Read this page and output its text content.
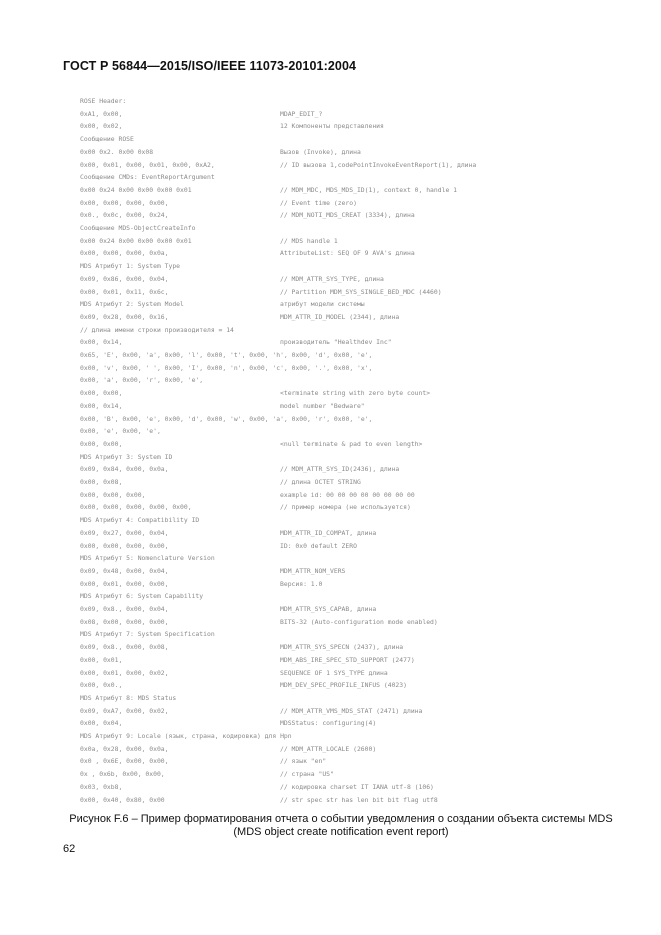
ГОСТ Р 56844—2015/ISO/IEEE 11073-20101:2004
ROSE Header:
0xA1, 0x00,	MDAP_EDIT_?
0x00, 0x02,	12 Компоненты представления
Сообщение ROSE
0x00 0x2. 0x00 0x08	Вызов (Invoke), длина
0x00, 0x01, 0x00, 0x01, 0x00, 0xA2,	// ID вызова 1,codePointInvokeEventReport(1), длина
Сообщение CMDs: EventReportArgument
0x00 0x24 0x00 0x00 0x00 0x01	// MDM_MDC, MDS_MDS_ID(1), context 0, handle 1
0x00, 0x00, 0x00, 0x00,	// Event time (zero)
0x0., 0x0c, 0x00, 0x24,	// MDM_NOTI_MDS_CREAT (3334), длина
Сообщение MDS-ObjectCreateInfo
0x00 0x24 0x00 0x00 0x00 0x01	// MDS handle 1
0x00, 0x00, 0x00, 0x0a,	AttributeList: SEQ OF 9 AVA's длина
MDS Атрибут 1: System Type
0x09, 0x86, 0x00, 0x04,	// MDM_ATTR_SYS_TYPE, длина
0x00, 0x01, 0x11, 0x6c,	// Partition MDM_SYS_SINGLE_BED_MDC (4460)
MDS Атрибут 2: System Model	атрибут модели системы
0x09, 0x28, 0x00, 0x16,	MDM_ATTR_ID_MODEL (2344), длина
// длина имени строки производителя = 14
0x00, 0x14,	производитель "Healthdev Inc"
0x65, 'E', 0x00, 'a', 0x00, 'l', 0x00, 't', 0x00, 'h', 0x00, 'd', 0x00, 'e',
0x00, 'v', 0x00, ' ', 0x00, 'I', 0x00, 'n', 0x00, 'c', 0x00, '.', 0x00, 'x',
0x00, 'a', 0x00, 'r', 0x00, 'e',
0x00, 0x00,	<terminate string with zero byte count>
0x00, 0x14,	model number "Bedware"
0x00, 'B', 0x00, 'e', 0x00, 'd', 0x00, 'w', 0x00, 'a', 0x00, 'r', 0x00, 'e',
0x00, 'e', 0x00, 'e',
0x00, 0x00,	<null terminate & pad to even length>
MDS Атрибут 3: System ID
0x09, 0x84, 0x00, 0x0a,	// MDM_ATTR_SYS_ID(2436), длина
0x00, 0x08,	// длина OCTET STRING
0x00, 0x00, 0x00,	example id: 00 00 00 00 00 00 00 00
0x00, 0x00, 0x00, 0x00, 0x00,	// пример номера (не используется)
MDS Атрибут 4: Compatibility ID
0x09, 0x27, 0x00, 0x04,	MDM_ATTR_ID_COMPAT, длина
0x00, 0x00, 0x00, 0x00,	ID: 0x0 default ZERO
MDS Атрибут 5: Nomenclature Version
0x09, 0x48, 0x00, 0x04,	MDM_ATTR_NOM_VERS
0x00, 0x01, 0x00, 0x00,	Версия: 1.0
MDS Атрибут 6: System Capability
0x09, 0x8., 0x00, 0x04,	MDM_ATTR_SYS_CAPAB, длина
0x08, 0x00, 0x00, 0x00,	BITS-32 (Auto-configuration mode enabled)
MDS Атрибут 7: System Specification
0x09, 0x8., 0x00, 0x08,	MDM_ATTR_SYS_SPECN (2437), длина
0x00, 0x01,	MDM_ABS_IRE_SPEC_STD_SUPPORT (2477)
0x00, 0x01, 0x00, 0x02,	SEQUENCE OF 1 SYS_TYPE длина
0x00, 0x0.,	MDM_DEV_SPEC_PROFILE_INFUS (4023)
MDS Атрибут 8: MDS Status
0x09, 0xA7, 0x00, 0x02,	// MDM_ATTR_VMS_MDS_STAT (2471) длина
0x00, 0x04,	MDSStatus: configuring(4)
MDS Атрибут 9: Locale (язык, страна, кодировка) для Hpn
0x0a, 0x28, 0x00, 0x0a,	// MDM_ATTR_LOCALE (2600)
0x0 , 0x6E, 0x00, 0x00,	// язык "en"
0x , 0x6b, 0x00, 0x00,	// страна "US"
0x03, 0xb8,	// кодировка charset IT IANA utf-8 (106)
0x00, 0x40, 0x80, 0x00	// str spec str has len bit bit flag utf8
Рисунок F.6 – Пример форматирования отчета о событии уведомления о создании объекта системы MDS (MDS object create notification event report)
62
